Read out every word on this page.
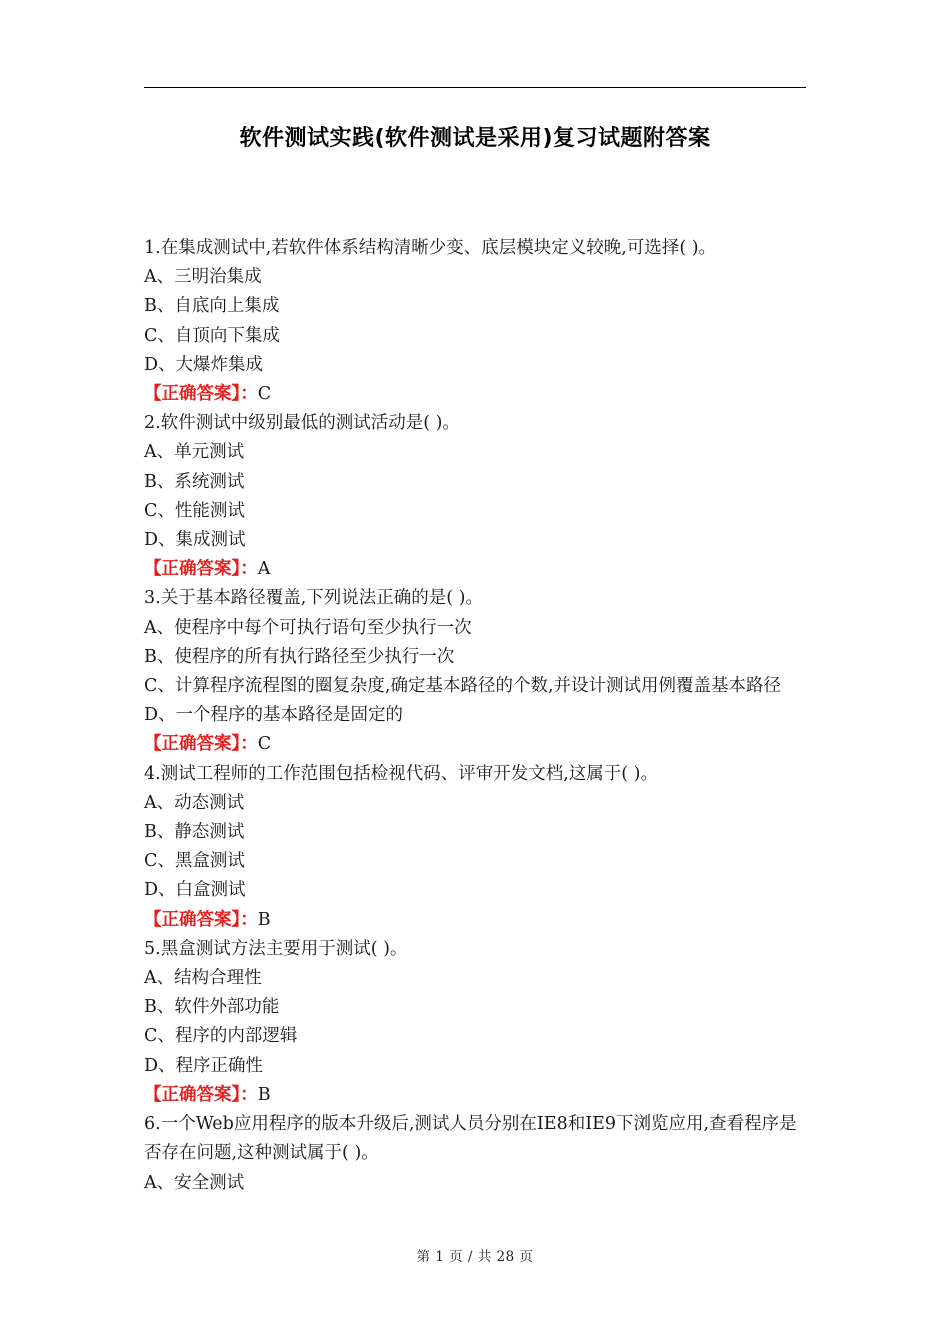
软件测试实践(软件测试是采用)复习试题附答案
1.在集成测试中,若软件体系结构清晰少变、底层模块定义较晚,可选择( )。
A、三明治集成
B、自底向上集成
C、自顶向下集成
D、大爆炸集成
【正确答案】：C
2.软件测试中级别最低的测试活动是( )。
A、单元测试
B、系统测试
C、性能测试
D、集成测试
【正确答案】：A
3.关于基本路径覆盖,下列说法正确的是( )。
A、使程序中每个可执行语句至少执行一次
B、使程序的所有执行路径至少执行一次
C、计算程序流程图的圈复杂度,确定基本路径的个数,并设计测试用例覆盖基本路径
D、一个程序的基本路径是固定的
【正确答案】：C
4.测试工程师的工作范围包括检视代码、评审开发文档,这属于( )。
A、动态测试
B、静态测试
C、黑盒测试
D、白盒测试
【正确答案】：B
5.黑盒测试方法主要用于测试( )。
A、结构合理性
B、软件外部功能
C、程序的内部逻辑
D、程序正确性
【正确答案】：B
6.一个Web应用程序的版本升级后,测试人员分别在IE8和IE9下浏览应用,查看程序是否存在问题,这种测试属于( )。
A、安全测试
第 1 页 / 共 28 页
